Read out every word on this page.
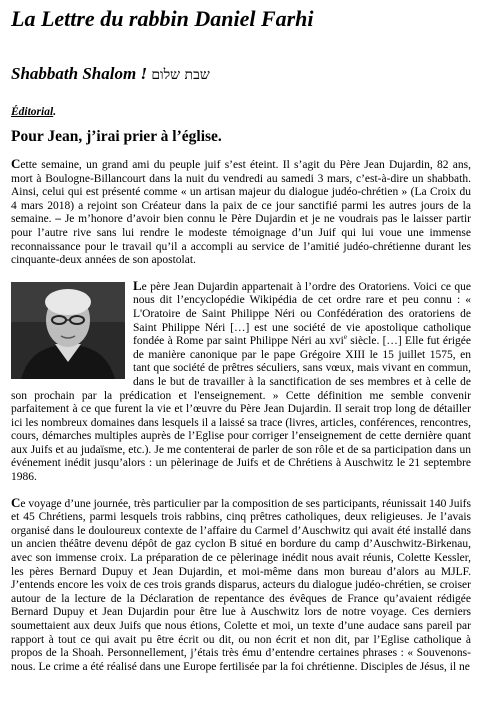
La Lettre du rabbin Daniel Farhi
Shabbath Shalom ! שבת שלום
Éditorial.
Pour Jean, j’irai prier à l’église.

Cette semaine, un grand ami du peuple juif s’est éteint. Il s’agit du Père Jean Dujardin, 82 ans, mort à Boulogne-Billancourt dans la nuit du vendredi au samedi 3 mars, c’est-à-dire un shabbath. Ainsi, celui qui est présenté comme « un artisan majeur du dialogue judéo-chrétien » (La Croix du 4 mars 2018) a rejoint son Créateur dans la paix de ce jour sanctifié parmi les autres jours de la semaine. – Je m’honore d’avoir bien connu le Père Dujardin et je ne voudrais pas le laisser partir pour l’autre rive sans lui rendre le modeste témoignage d’un Juif qui lui voue une immense reconnaissance pour le travail qu’il a accompli au service de l’amitié judéo-chrétienne durant les cinquante-deux années de son apostolat.

L
e père Jean Dujardin appartenait à l’ordre des Oratoriens. Voici ce que nous dit l’encyclopédie Wikipédia de cet ordre rare et peu connu : « L'Oratoire de Saint Philippe Néri ou Confédération des oratoriens de Saint Philippe Néri […] est une société de vie apostolique catholique fondée à Rome par saint Philippe Néri au xvi$^e$ siècle. […] Elle fut érigée de manière canonique par le pape Grégoire XIII le 15 juillet 1575, en tant que société de prêtres séculiers, sans vœux, mais vivant en commun, dans le but de travailler à la sanctification de ses membres et à celle de son prochain par la prédication et l'enseignement. » Cette définition me semble convenir parfaitement à ce que furent la vie et l’œuvre du Père Jean Dujardin. Il serait trop long de détailler ici les nombreux domaines dans lesquels il a laissé sa trace (livres, articles, conférences, rencontres, cours, démarches multiples auprès de l’Eglise pour corriger l’enseignement de cette dernière quant aux Juifs et au judaïsme, etc.). Je me contenterai de parler de son rôle et de sa participation dans un événement inédit jusqu’alors : un pèlerinage de Juifs et de Chrétiens à Auschwitz le 21 septembre 1986.

Ce voyage d’une journée, très particulier par la composition de ses participants, réunissait 140 Juifs et 45 Chrétiens, parmi lesquels trois rabbins, cinq prêtres catholiques, deux religieuses. Je l’avais organisé dans le douloureux contexte de l’affaire du Carmel d’Auschwitz qui avait été installé dans un ancien théâtre devenu dépôt de gaz cyclon B situé en bordure du camp d’Auschwitz-Birkenau, avec son immense croix. La préparation de ce pèlerinage inédit nous avait réunis, Colette Kessler, les pères Bernard Dupuy et Jean Dujardin, et moi-même dans mon bureau d’alors au MJLF. J’entends encore les voix de ces trois grands disparus, acteurs du dialogue judéo-chrétien, se croiser autour de la lecture de la Déclaration de repentance des évêques de France qu’avaient rédigée Bernard Dupuy et Jean Dujardin pour être lue à Auschwitz lors de notre voyage. Ces derniers soumettaient aux deux Juifs que nous étions, Colette et moi, un texte d’une audace sans pareil par rapport à tout ce qui avait pu être écrit ou dit, ou non écrit et non dit, par l’Eglise catholique à propos de la Shoah. Personnellement, j’étais très ému d’entendre certaines phrases : « Souvenons-nous. Le crime a été réalisé dans une Europe fertilisée par la foi chrétienne. Disciples de Jésus, il ne
